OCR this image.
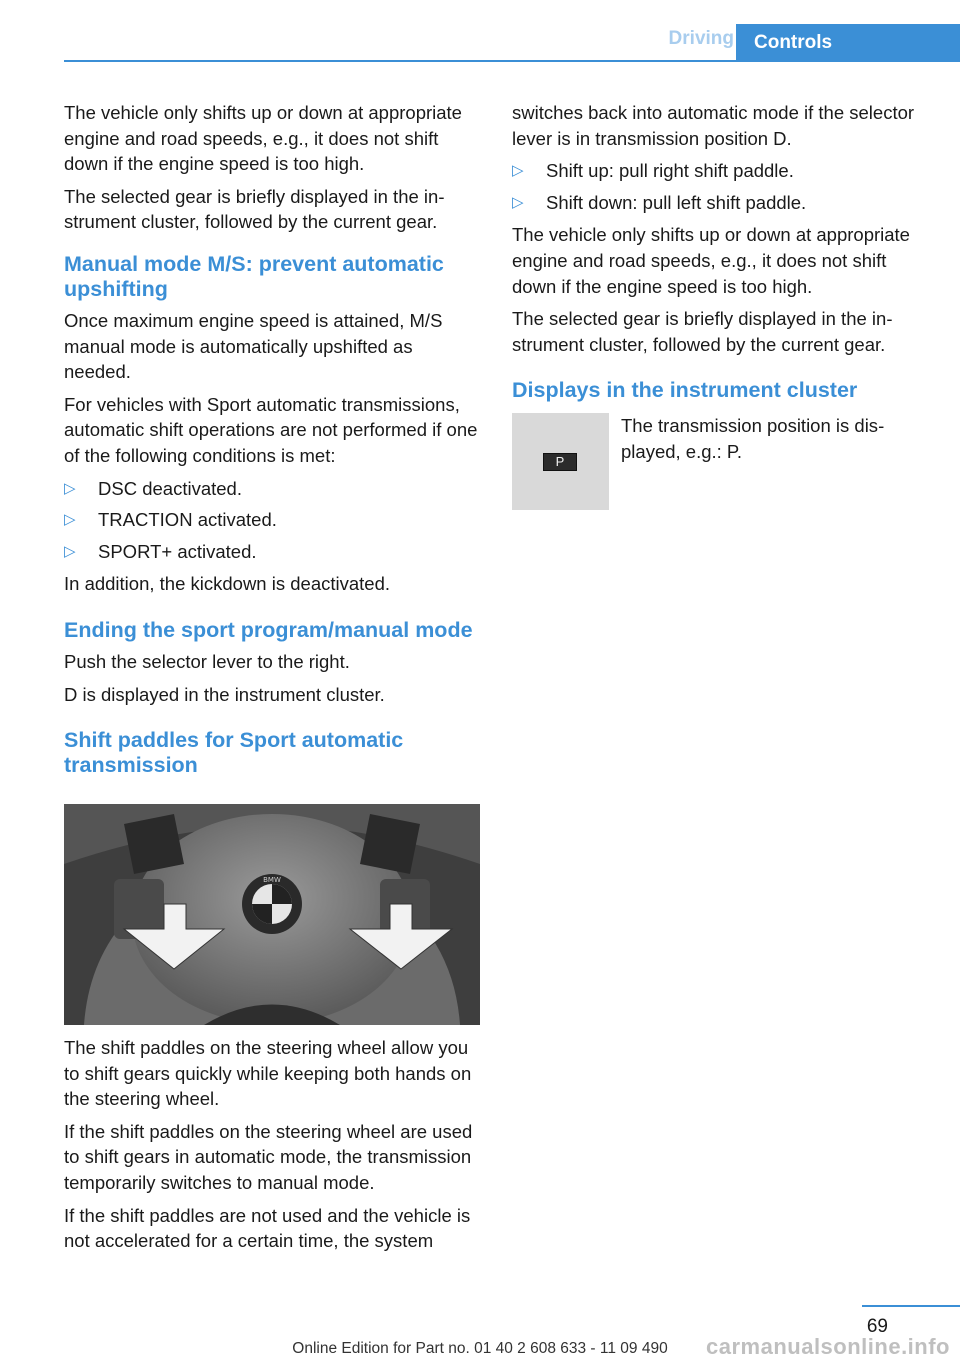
Driving	Controls

The vehicle only shifts up or down at appropriate engine and road speeds, e.g., it does not shift down if the engine speed is too high.

The selected gear is briefly displayed in the instrument cluster, followed by the current gear.

Manual mode M/S: prevent automatic upshifting

Once maximum engine speed is attained, M/S manual mode is automatically upshifted as needed.

For vehicles with Sport automatic transmissions, automatic shift operations are not performed if one of the following conditions is met:

▷ DSC deactivated.
▷ TRACTION activated.
▷ SPORT+ activated.

In addition, the kickdown is deactivated.

Ending the sport program/manual mode

Push the selector lever to the right.

D is displayed in the instrument cluster.

Shift paddles for Sport automatic transmission
BMW

The shift paddles on the steering wheel allow you to shift gears quickly while keeping both hands on the steering wheel.

If the shift paddles on the steering wheel are used to shift gears in automatic mode, the transmission temporarily switches to manual mode.

If the shift paddles are not used and the vehicle is not accelerated for a certain time, the system

switches back into automatic mode if the selector lever is in transmission position D.

▷ Shift up: pull right shift paddle.
▷ Shift down: pull left shift paddle.

The vehicle only shifts up or down at appropriate engine and road speeds, e.g., it does not shift down if the engine speed is too high.

The selected gear is briefly displayed in the instrument cluster, followed by the current gear.

Displays in the instrument cluster
P

The transmission position is displayed, e.g.: P.

69
Online Edition for Part no. 01 40 2 608 633 - 11 09 490	carmanualsonline.info
